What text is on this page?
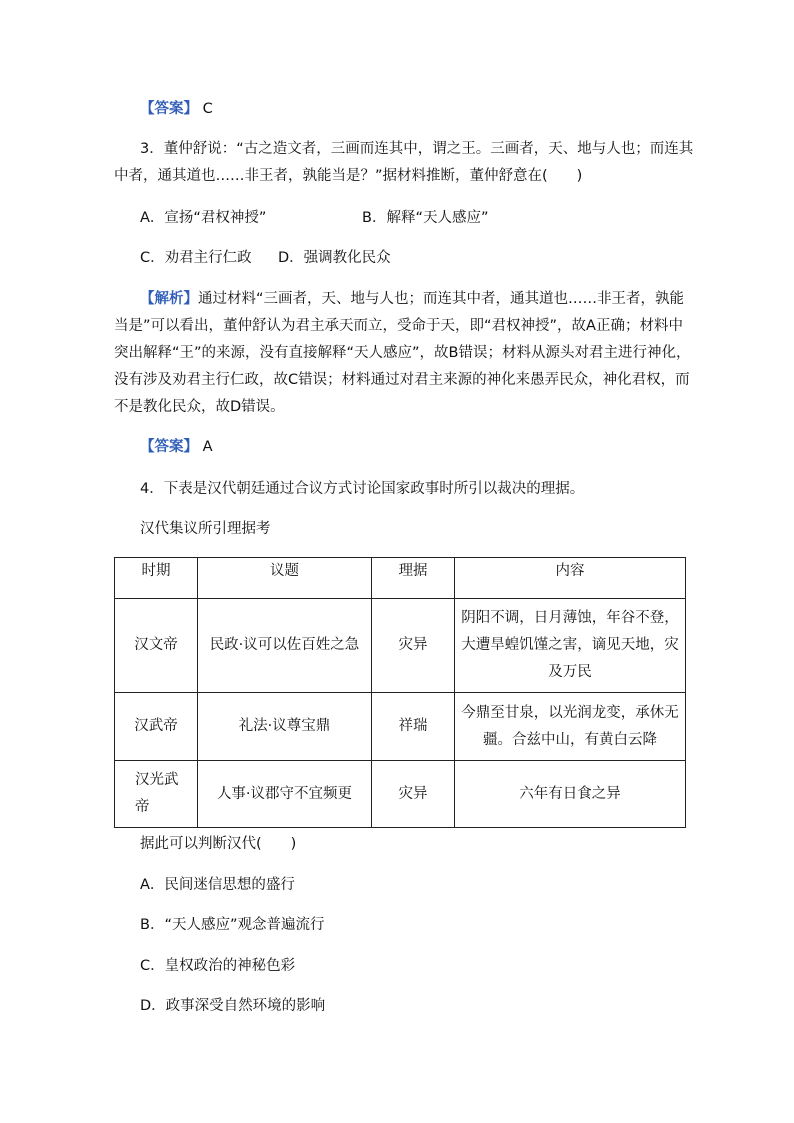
【答案】 C
3．董仲舒说：“古之造文者，三画而连其中，谓之王。三画者，天、地与人也；而连其
中者，通其道也……非王者，孰能当是？”据材料推断，董仲舒意在(　　)
A．宣扬“君权神授”	B．解释“天人感应”
C．劝君主行仁政 D．强调教化民众
【解析】通过材料“三画者，天、地与人也；而连其中者，通其道也……非王者，孰能
当是”可以看出，董仲舒认为君主承天而立，受命于天，即“君权神授”，故A正确；材料中
突出解释“王”的来源，没有直接解释“天人感应”，故B错误；材料从源头对君主进行神化，
没有涉及劝君主行仁政，故C错误；材料通过对君主来源的神化来愚弄民众，神化君权，而
不是教化民众，故D错误。
【答案】 A
4．下表是汉代朝廷通过合议方式讨论国家政事时所引以裁决的理据。
汉代集议所引理据考
时期	议题	理据	内容
汉文帝	民政·议可以佐百姓之急	灾异	阴阳不调，日月薄蚀，年谷不登，大遭旱蝗饥馑之害，谪见天地，灾及万民
汉武帝	礼法·议尊宝鼎	祥瑞	今鼎至甘泉，以光润龙变，承休无疆。合兹中山，有黄白云降
汉光武帝	人事·议郡守不宜频更	灾异	六年有日食之异
据此可以判断汉代(　　)
A．民间迷信思想的盛行
B．“天人感应”观念普遍流行
C．皇权政治的神秘色彩
D．政事深受自然环境的影响
